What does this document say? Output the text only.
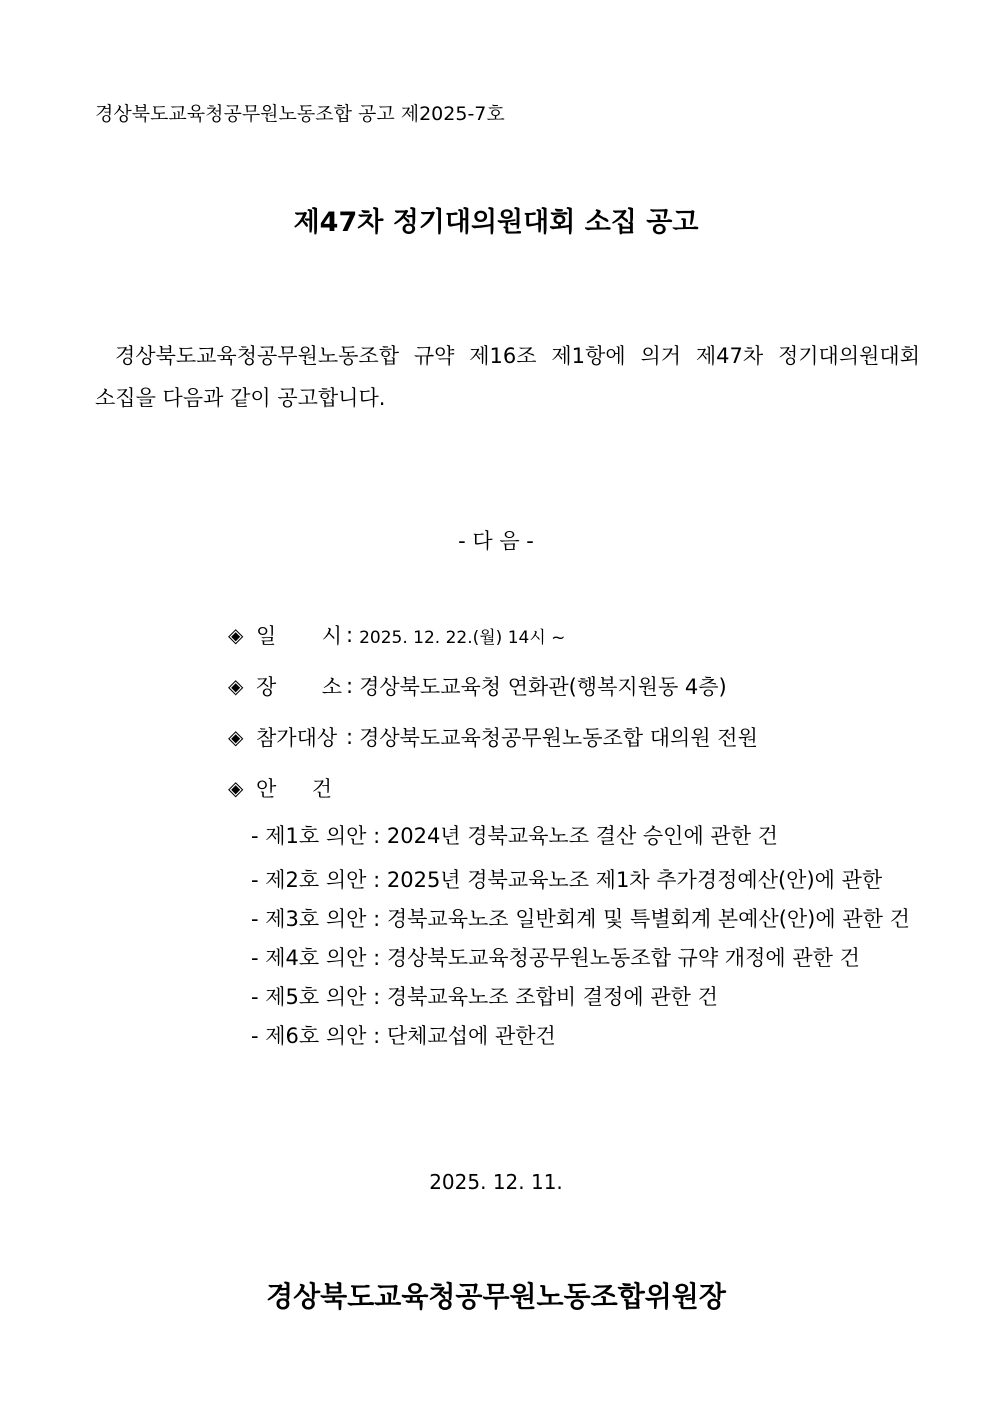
경상북도교육청공무원노동조합 공고 제2025-7호
제47차 정기대의원대회 소집 공고
경상북도교육청공무원노동조합 규약 제16조 제1항에 의거 제47차 정기대의원대회
소집을 다음과 같이 공고합니다.
- 다 음 -
◈ 일 시 : 2025. 12. 22.(월) 14시 ~
◈ 장 소 : 경상북도교육청 연화관(행복지원동 4층)
◈ 참가대상 : 경상북도교육청공무원노동조합 대의원 전원
◈ 안 건
- 제1호 의안 : 2024년 경북교육노조 결산 승인에 관한 건
- 제2호 의안 : 2025년 경북교육노조 제1차 추가경정예산(안)에 관한
- 제3호 의안 : 경북교육노조 일반회계 및 특별회계 본예산(안)에 관한 건
- 제4호 의안 : 경상북도교육청공무원노동조합 규약 개정에 관한 건
- 제5호 의안 : 경북교육노조 조합비 결정에 관한 건
- 제6호 의안 : 단체교섭에 관한건
2025. 12. 11.
경상북도교육청공무원노동조합위원장
